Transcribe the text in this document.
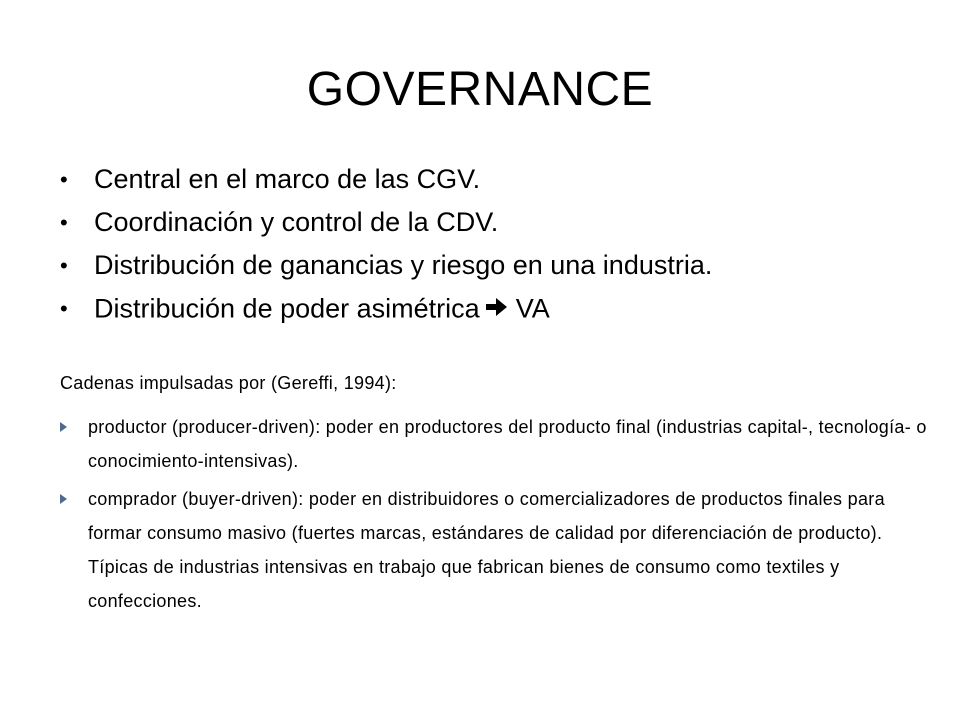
GOVERNANCE
• Central en el marco de las CGV.
• Coordinación y control de la CDV.
• Distribución de ganancias y riesgo en una industria.
• Distribución de poder asimétrica VA
Cadenas impulsadas por (Gereffi, 1994):
productor (producer-driven): poder en productores del producto final (industrias capital-, tecnología- o conocimiento-intensivas).
comprador (buyer-driven): poder en distribuidores o comercializadores de productos finales para formar consumo masivo (fuertes marcas, estándares de calidad por diferenciación de producto). Típicas de industrias intensivas en trabajo que fabrican bienes de consumo como textiles y confecciones.
